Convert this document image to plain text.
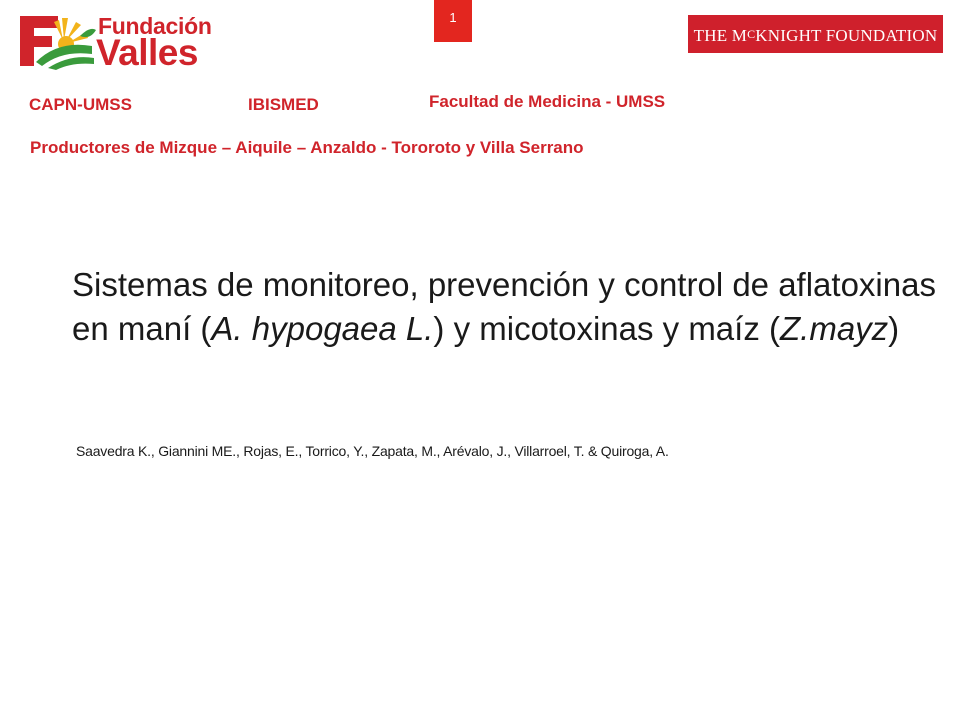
Fundación
Valles
1
THE MCKNIGHT FOUNDATION
CAPN-UMSS	IBISMED	Facultad de Medicina - UMSS
Productores de Mizque – Aiquile – Anzaldo - Tororoto y Villa Serrano
Sistemas de monitoreo, prevención y control de aflatoxinas en maní (A. hypogaea L.) y micotoxinas y maíz (Z.mayz)
Saavedra K., Giannini ME., Rojas, E., Torrico, Y., Zapata, M., Arévalo, J., Villarroel, T. & Quiroga, A.
